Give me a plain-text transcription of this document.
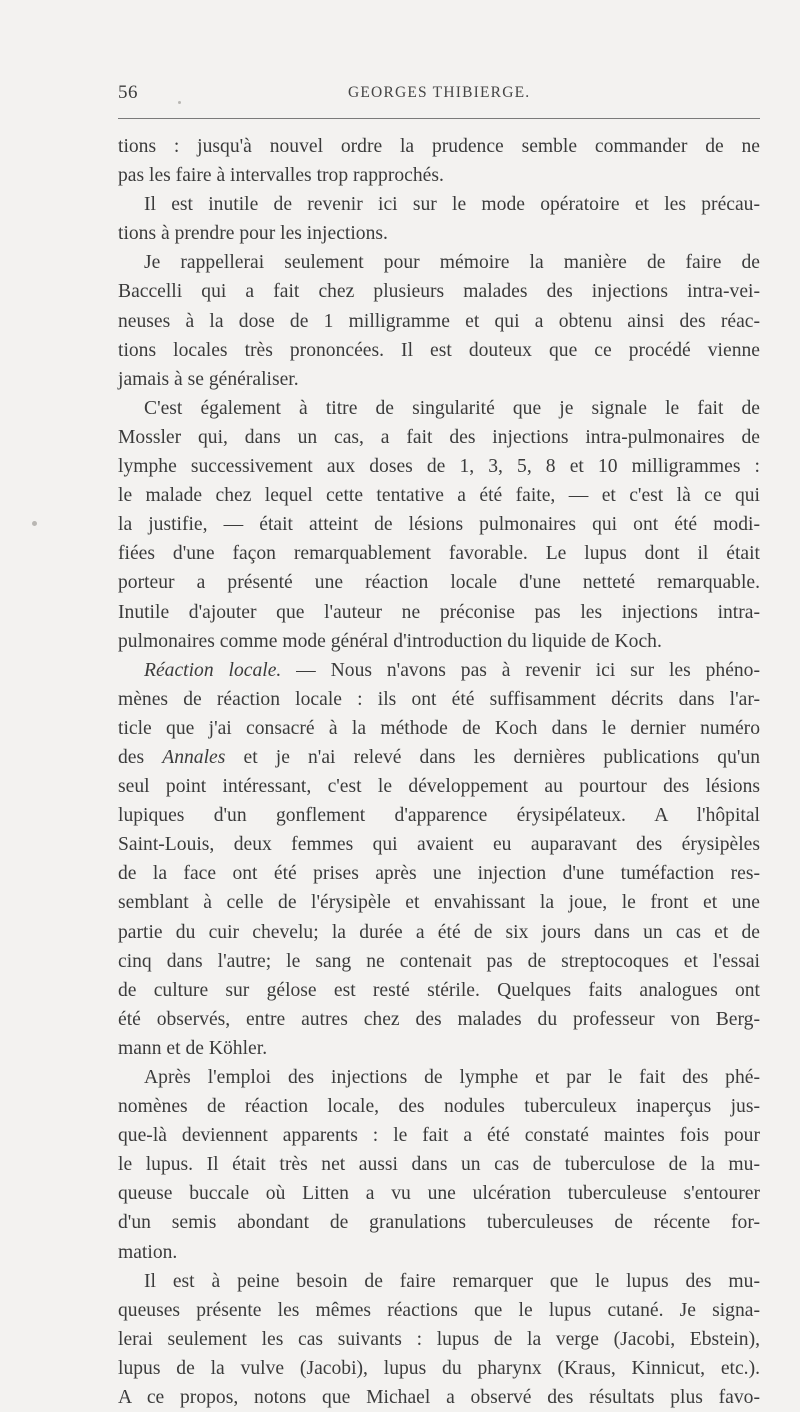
56	GEORGES THIBIERGE.
tions : jusqu'à nouvel ordre la prudence semble commander de ne
pas les faire à intervalles trop rapprochés.
Il est inutile de revenir ici sur le mode opératoire et les précau-
tions à prendre pour les injections.
Je rappellerai seulement pour mémoire la manière de faire de
Baccelli qui a fait chez plusieurs malades des injections intra-vei-
neuses à la dose de 1 milligramme et qui a obtenu ainsi des réac-
tions locales très prononcées. Il est douteux que ce procédé vienne
jamais à se généraliser.
C'est également à titre de singularité que je signale le fait de
Mossler qui, dans un cas, a fait des injections intra-pulmonaires de
lymphe successivement aux doses de 1, 3, 5, 8 et 10 milligrammes :
le malade chez lequel cette tentative a été faite, — et c'est là ce qui
la justifie, — était atteint de lésions pulmonaires qui ont été modi-
fiées d'une façon remarquablement favorable. Le lupus dont il était
porteur a présenté une réaction locale d'une netteté remarquable.
Inutile d'ajouter que l'auteur ne préconise pas les injections intra-
pulmonaires comme mode général d'introduction du liquide de Koch.
Réaction locale. — Nous n'avons pas à revenir ici sur les phéno-
mènes de réaction locale : ils ont été suffisamment décrits dans l'ar-
ticle que j'ai consacré à la méthode de Koch dans le dernier numéro
des Annales et je n'ai relevé dans les dernières publications qu'un
seul point intéressant, c'est le développement au pourtour des lésions
lupiques d'un gonflement d'apparence érysipélateux. A l'hôpital
Saint-Louis, deux femmes qui avaient eu auparavant des érysipèles
de la face ont été prises après une injection d'une tuméfaction res-
semblant à celle de l'érysipèle et envahissant la joue, le front et une
partie du cuir chevelu; la durée a été de six jours dans un cas et de
cinq dans l'autre; le sang ne contenait pas de streptocoques et l'essai
de culture sur gélose est resté stérile. Quelques faits analogues ont
été observés, entre autres chez des malades du professeur von Berg-
mann et de Köhler.
Après l'emploi des injections de lymphe et par le fait des phé-
nomènes de réaction locale, des nodules tuberculeux inaperçus jus-
que-là deviennent apparents : le fait a été constaté maintes fois pour
le lupus. Il était très net aussi dans un cas de tuberculose de la mu-
queuse buccale où Litten a vu une ulcération tuberculeuse s'entourer
d'un semis abondant de granulations tuberculeuses de récente for-
mation.
Il est à peine besoin de faire remarquer que le lupus des mu-
queuses présente les mêmes réactions que le lupus cutané. Je signa-
lerai seulement les cas suivants : lupus de la verge (Jacobi, Ebstein),
lupus de la vulve (Jacobi), lupus du pharynx (Kraus, Kinnicut, etc.).
A ce propos, notons que Michael a observé des résultats plus favo-
